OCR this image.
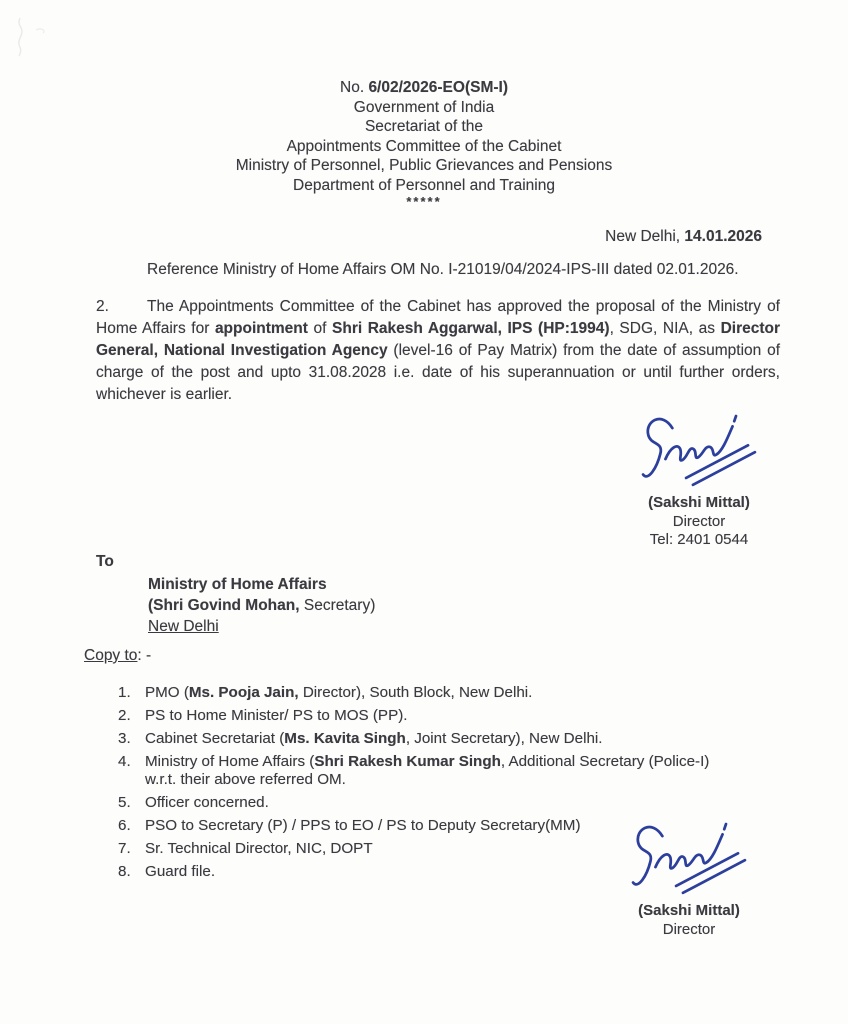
No. 6/02/2026-EO(SM-I)
Government of India
Secretariat of the
Appointments Committee of the Cabinet
Ministry of Personnel, Public Grievances and Pensions
Department of Personnel and Training
*****
New Delhi, 14.01.2026
Reference Ministry of Home Affairs OM No. I-21019/04/2024-IPS-III dated 02.01.2026.
2. The Appointments Committee of the Cabinet has approved the proposal of the Ministry of Home Affairs for appointment of Shri Rakesh Aggarwal, IPS (HP:1994), SDG, NIA, as Director General, National Investigation Agency (level-16 of Pay Matrix) from the date of assumption of charge of the post and upto 31.08.2028 i.e. date of his superannuation or until further orders, whichever is earlier.
(Sakshi Mittal)
Director
Tel: 2401 0544
To
Ministry of Home Affairs
(Shri Govind Mohan, Secretary)
New Delhi
Copy to: -
1. PMO (Ms. Pooja Jain, Director), South Block, New Delhi.
2. PS to Home Minister/ PS to MOS (PP).
3. Cabinet Secretariat (Ms. Kavita Singh, Joint Secretary), New Delhi.
4. Ministry of Home Affairs (Shri Rakesh Kumar Singh, Additional Secretary (Police-I) w.r.t. their above referred OM.
5. Officer concerned.
6. PSO to Secretary (P) / PPS to EO / PS to Deputy Secretary(MM)
7. Sr. Technical Director, NIC, DOPT
8. Guard file.
(Sakshi Mittal)
Director
